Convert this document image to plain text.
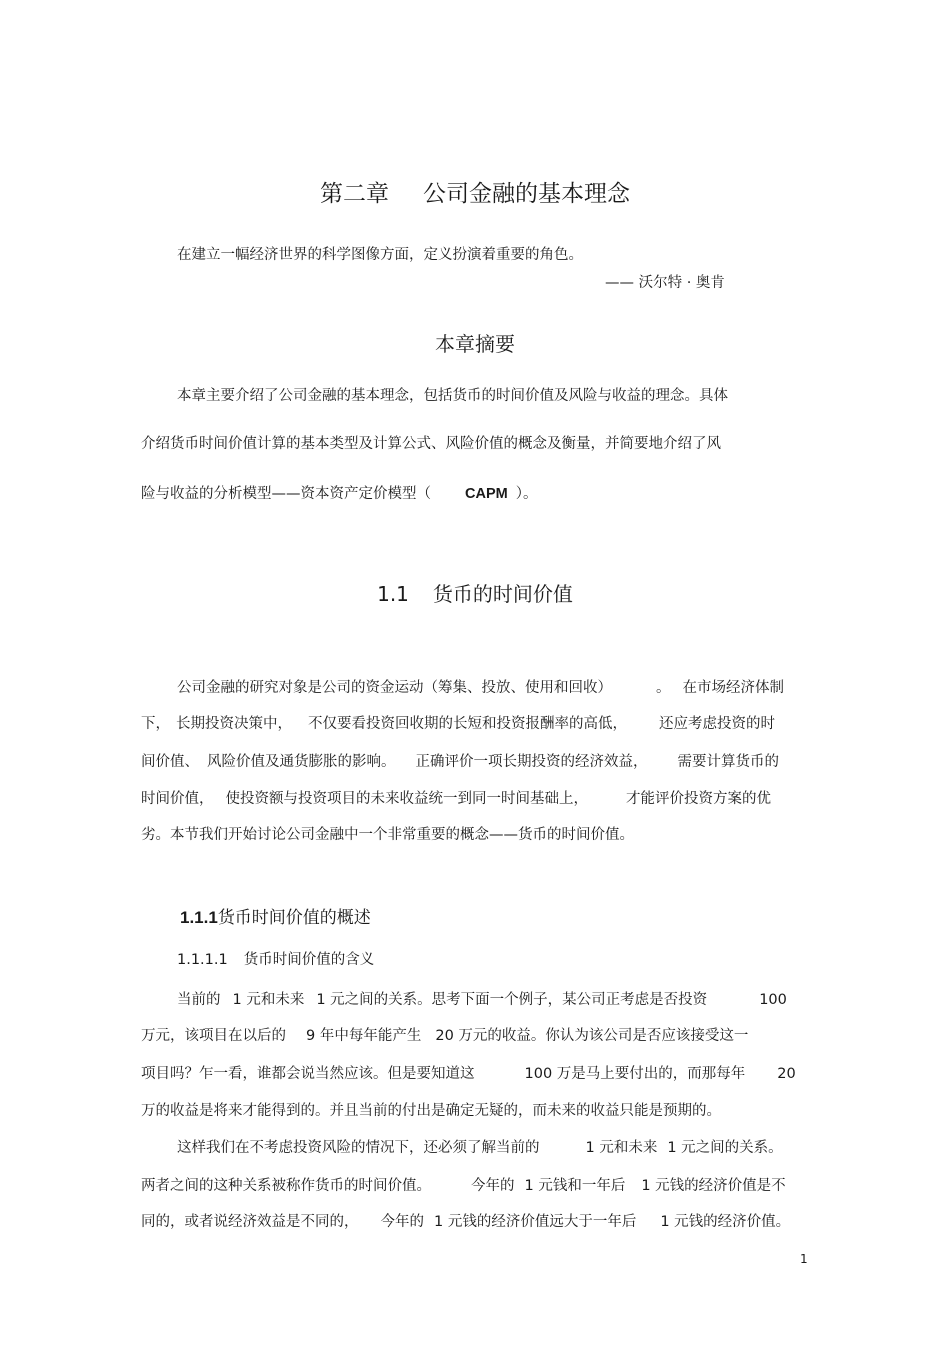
第二章 公司金融的基本理念
在建立一幅经济世界的科学图像方面，定义扮演着重要的角色。
—— 沃尔特 · 奥肯
本章摘要
本章主要介绍了公司金融的基本理念，包括货币的时间价值及风险与收益的理念。具体
介绍货币时间价值计算的基本类型及计算公式、风险价值的概念及衡量，并简要地介绍了风
险与收益的分析模型——资本资产定价模型（ CAPM ）。
1.1 货币的时间价值
公司金融的研究对象是公司的资金运动（筹集、投放、使用和回收）	。 在市场经济体制
下， 长期投资决策中， 不仅要看投资回收期的长短和投资报酬率的高低， 还应考虑投资的时
间价值、 风险价值及通货膨胀的影响。 正确评价一项长期投资的经济效益， 需要计算货币的
时间价值， 使投资额与投资项目的未来收益统一到同一时间基础上，	才能评价投资方案的优
劣。本节我们开始讨论公司金融中一个非常重要的概念——货币的时间价值。
1.1.1货币时间价值的概述
1.1.1.1 货币时间价值的含义
当前的 1 元和未来 1 元之间的关系。思考下面一个例子，某公司正考虑是否投资	100
万元，该项目在以后的 9 年中每年能产生 20 万元的收益。你认为该公司是否应该接受这一
项目吗？乍一看，谁都会说当然应该。但是要知道这	100 万是马上要付出的，而那每年 20
万的收益是将来才能得到的。并且当前的付出是确定无疑的，而未来的收益只能是预期的。
这样我们在不考虑投资风险的情况下，还必须了解当前的	1 元和未来 1 元之间的关系。
两者之间的这种关系被称作货币的时间价值。	今年的 1 元钱和一年后 1 元钱的经济价值是不
同的，或者说经济效益是不同的， 今年的 1 元钱的经济价值远大于一年后 1 元钱的经济价值。
1
